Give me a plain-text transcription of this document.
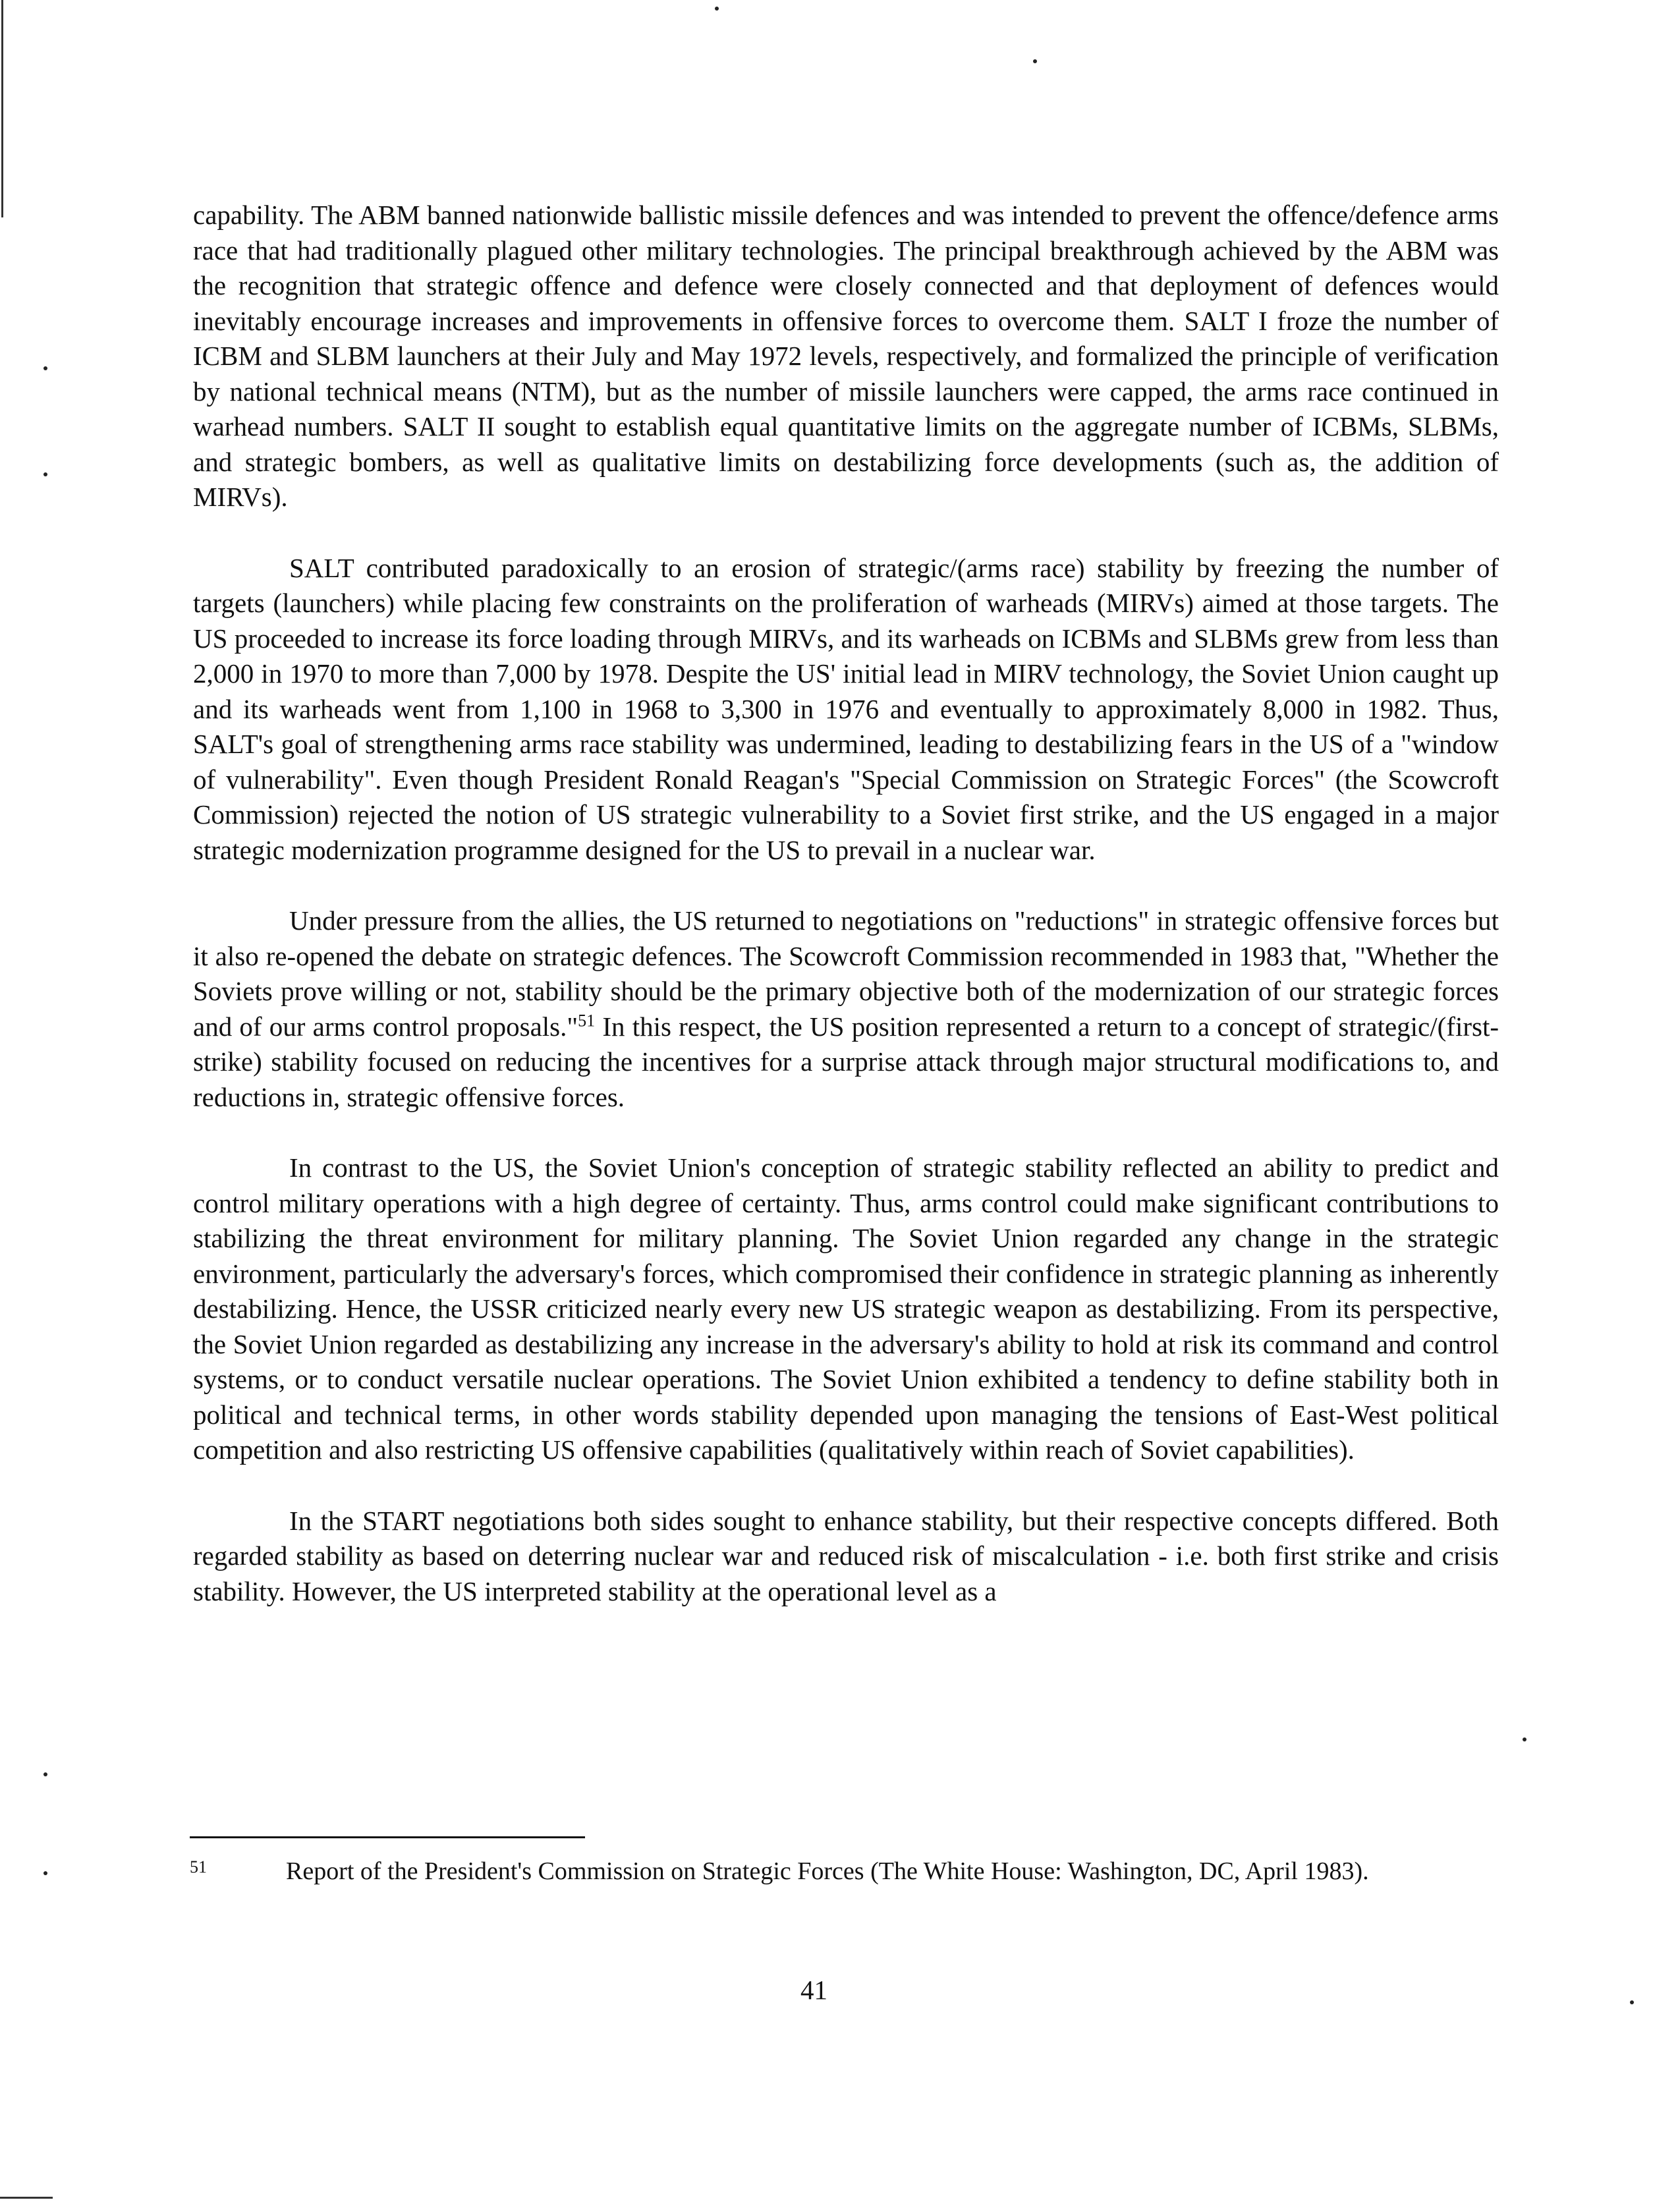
capability. The ABM banned nationwide ballistic missile defences and was intended to prevent the offence/defence arms race that had traditionally plagued other military technologies. The principal breakthrough achieved by the ABM was the recognition that strategic offence and defence were closely connected and that deployment of defences would inevitably encourage increases and improvements in offensive forces to overcome them. SALT I froze the number of ICBM and SLBM launchers at their July and May 1972 levels, respectively, and formalized the principle of verification by national technical means (NTM), but as the number of missile launchers were capped, the arms race continued in warhead numbers. SALT II sought to establish equal quantitative limits on the aggregate number of ICBMs, SLBMs, and strategic bombers, as well as qualitative limits on destabilizing force developments (such as, the addition of MIRVs).

SALT contributed paradoxically to an erosion of strategic/(arms race) stability by freezing the number of targets (launchers) while placing few constraints on the proliferation of warheads (MIRVs) aimed at those targets. The US proceeded to increase its force loading through MIRVs, and its warheads on ICBMs and SLBMs grew from less than 2,000 in 1970 to more than 7,000 by 1978. Despite the US' initial lead in MIRV technology, the Soviet Union caught up and its warheads went from 1,100 in 1968 to 3,300 in 1976 and eventually to approximately 8,000 in 1982. Thus, SALT's goal of strengthening arms race stability was undermined, leading to destabilizing fears in the US of a "window of vulnerability". Even though President Ronald Reagan's "Special Commission on Strategic Forces" (the Scowcroft Commission) rejected the notion of US strategic vulnerability to a Soviet first strike, and the US engaged in a major strategic modernization programme designed for the US to prevail in a nuclear war.

Under pressure from the allies, the US returned to negotiations on "reductions" in strategic offensive forces but it also re-opened the debate on strategic defences. The Scowcroft Commission recommended in 1983 that, "Whether the Soviets prove willing or not, stability should be the primary objective both of the modernization of our strategic forces and of our arms control proposals."$^{51}$ In this respect, the US position represented a return to a concept of strategic/(first-strike) stability focused on reducing the incentives for a surprise attack through major structural modifications to, and reductions in, strategic offensive forces.

In contrast to the US, the Soviet Union's conception of strategic stability reflected an ability to predict and control military operations with a high degree of certainty. Thus, arms control could make significant contributions to stabilizing the threat environment for military planning. The Soviet Union regarded any change in the strategic environment, particularly the adversary's forces, which compromised their confidence in strategic planning as inherently destabilizing. Hence, the USSR criticized nearly every new US strategic weapon as destabilizing. From its perspective, the Soviet Union regarded as destabilizing any increase in the adversary's ability to hold at risk its command and control systems, or to conduct versatile nuclear operations. The Soviet Union exhibited a tendency to define stability both in political and technical terms, in other words stability depended upon managing the tensions of East-West political competition and also restricting US offensive capabilities (qualitatively within reach of Soviet capabilities).

In the START negotiations both sides sought to enhance stability, but their respective concepts differed. Both regarded stability as based on deterring nuclear war and reduced risk of miscalculation - i.e. both first strike and crisis stability. However, the US interpreted stability at the operational level as a

51	Report of the President's Commission on Strategic Forces (The White House: Washington, DC, April 1983).
41
